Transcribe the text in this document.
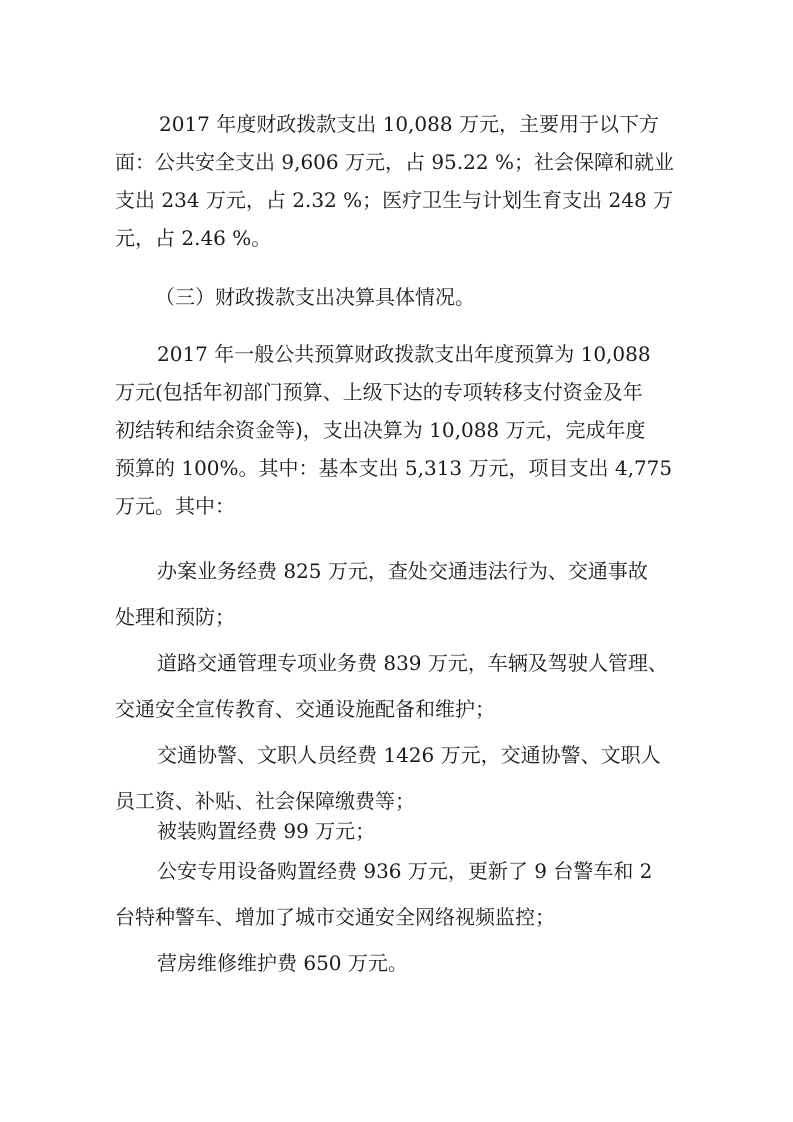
2017 年度财政拨款支出 10,088 万元，主要用于以下方
面：公共安全支出 9,606 万元，占 95.22 %；社会保障和就业
支出 234 万元，占 2.32 %；医疗卫生与计划生育支出 248 万
元，占 2.46 %。

（三）财政拨款支出决算具体情况。

2017 年一般公共预算财政拨款支出年度预算为 10,088
万元(包括年初部门预算、上级下达的专项转移支付资金及年
初结转和结余资金等)，支出决算为 10,088 万元，完成年度
预算的 100%。其中：基本支出 5,313 万元，项目支出 4,775
万元。其中：

办案业务经费 825 万元，查处交通违法行为、交通事故
处理和预防；

道路交通管理专项业务费 839 万元，车辆及驾驶人管理、
交通安全宣传教育、交通设施配备和维护；

交通协警、文职人员经费 1426 万元，交通协警、文职人
员工资、补贴、社会保障缴费等；

被装购置经费 99 万元；

公安专用设备购置经费 936 万元，更新了 9 台警车和 2
台特种警车、增加了城市交通安全网络视频监控；

营房维修维护费 650 万元。
